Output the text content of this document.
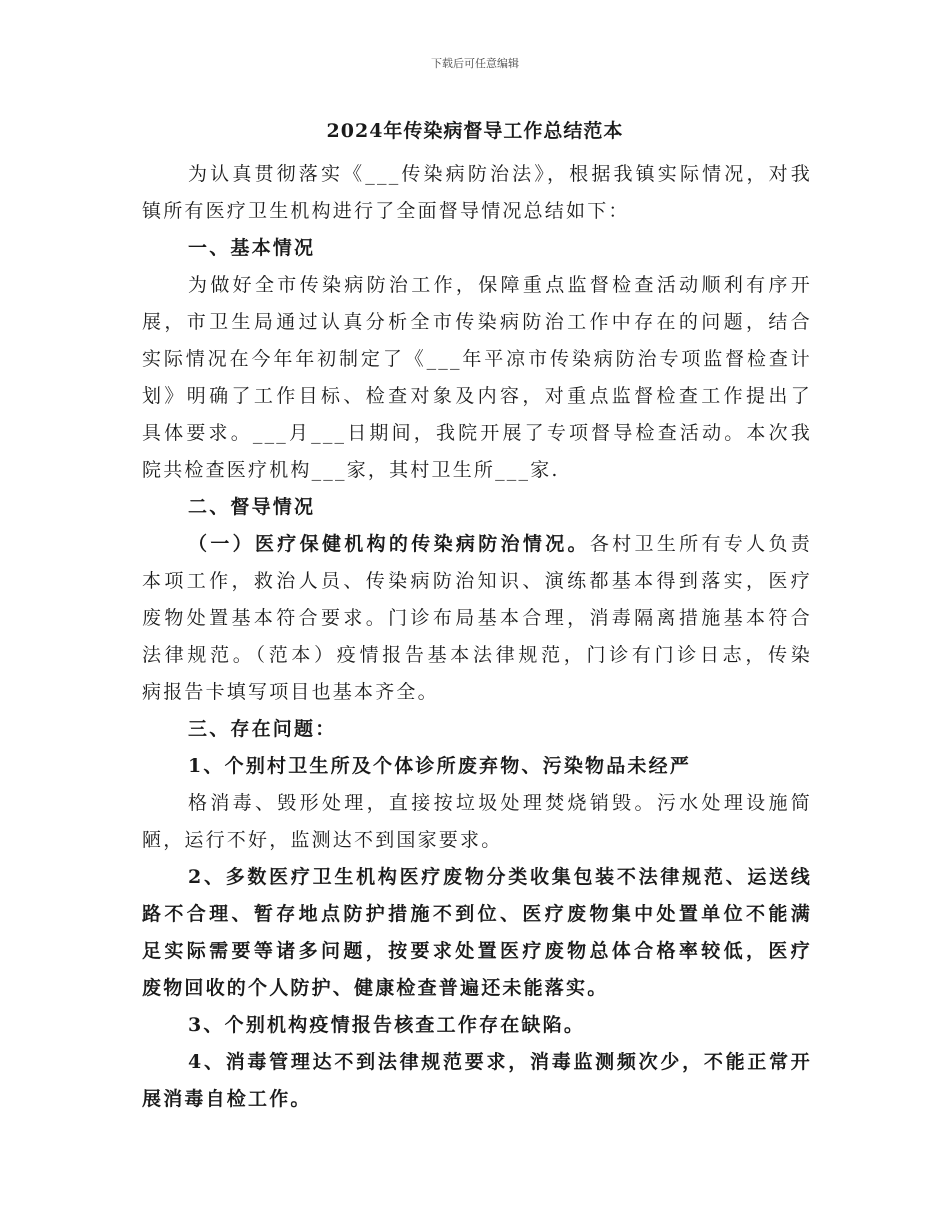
下载后可任意编辑
2024年传染病督导工作总结范本
为认真贯彻落实《___传染病防治法》，根据我镇实际情况，对我
镇所有医疗卫生机构进行了全面督导情况总结如下：
一、基本情况
为做好全市传染病防治工作，保障重点监督检查活动顺利有序开
展，市卫生局通过认真分析全市传染病防治工作中存在的问题，结合
实际情况在今年年初制定了《___年平凉市传染病防治专项监督检查计
划》明确了工作目标、检查对象及内容，对重点监督检查工作提出了
具体要求。___月___日期间，我院开展了专项督导检查活动。本次我
院共检查医疗机构___家，其村卫生所___家.
二、督导情况
（一）医疗保健机构的传染病防治情况。各村卫生所有专人负责
本项工作，救治人员、传染病防治知识、演练都基本得到落实，医疗
废物处置基本符合要求。门诊布局基本合理，消毒隔离措施基本符合
法律规范。（范本）疫情报告基本法律规范，门诊有门诊日志，传染
病报告卡填写项目也基本齐全。
三、存在问题：
1、个别村卫生所及个体诊所废弃物、污染物品未经严
格消毒、毁形处理，直接按垃圾处理焚烧销毁。污水处理设施简
陋，运行不好，监测达不到国家要求。
2、多数医疗卫生机构医疗废物分类收集包装不法律规范、运送线
路不合理、暂存地点防护措施不到位、医疗废物集中处置单位不能满
足实际需要等诸多问题，按要求处置医疗废物总体合格率较低，医疗
废物回收的个人防护、健康检查普遍还未能落实。
3、个别机构疫情报告核查工作存在缺陷。
4、消毒管理达不到法律规范要求，消毒监测频次少，不能正常开
展消毒自检工作。
